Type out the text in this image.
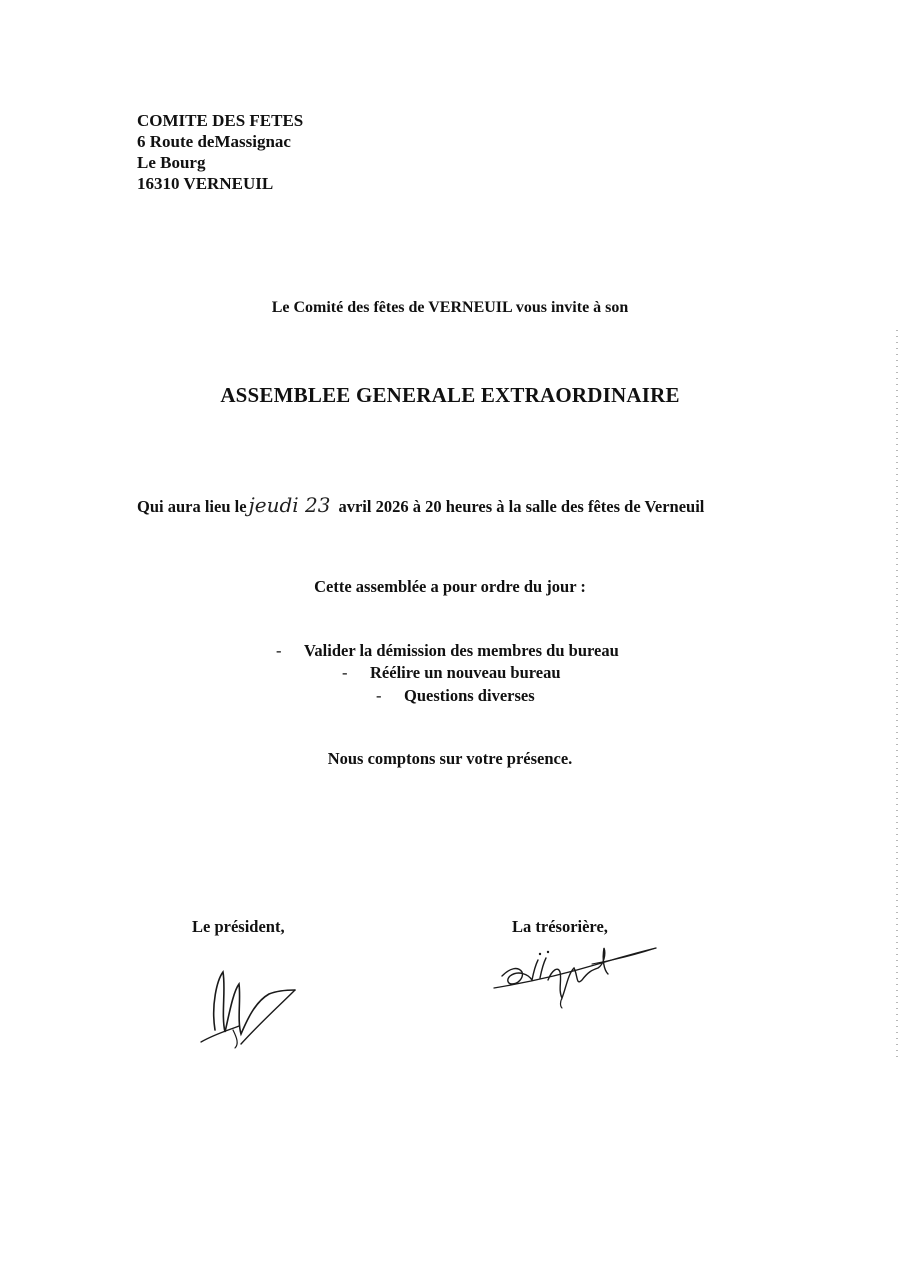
COMITE DES FETES
6 Route deMassignac
Le Bourg
16310 VERNEUIL
Le Comité des fêtes de VERNEUIL vous invite à son
ASSEMBLEE GENERALE EXTRAORDINAIRE
Qui aura lieu le jeudi 23 avril 2026 à 20 heures à la salle des fêtes de Verneuil
Cette assemblée a pour ordre du jour :
- Valider la démission des membres du bureau
- Réélire un nouveau bureau
- Questions diverses
Nous comptons sur votre présence.
Le président,	La trésorière,
